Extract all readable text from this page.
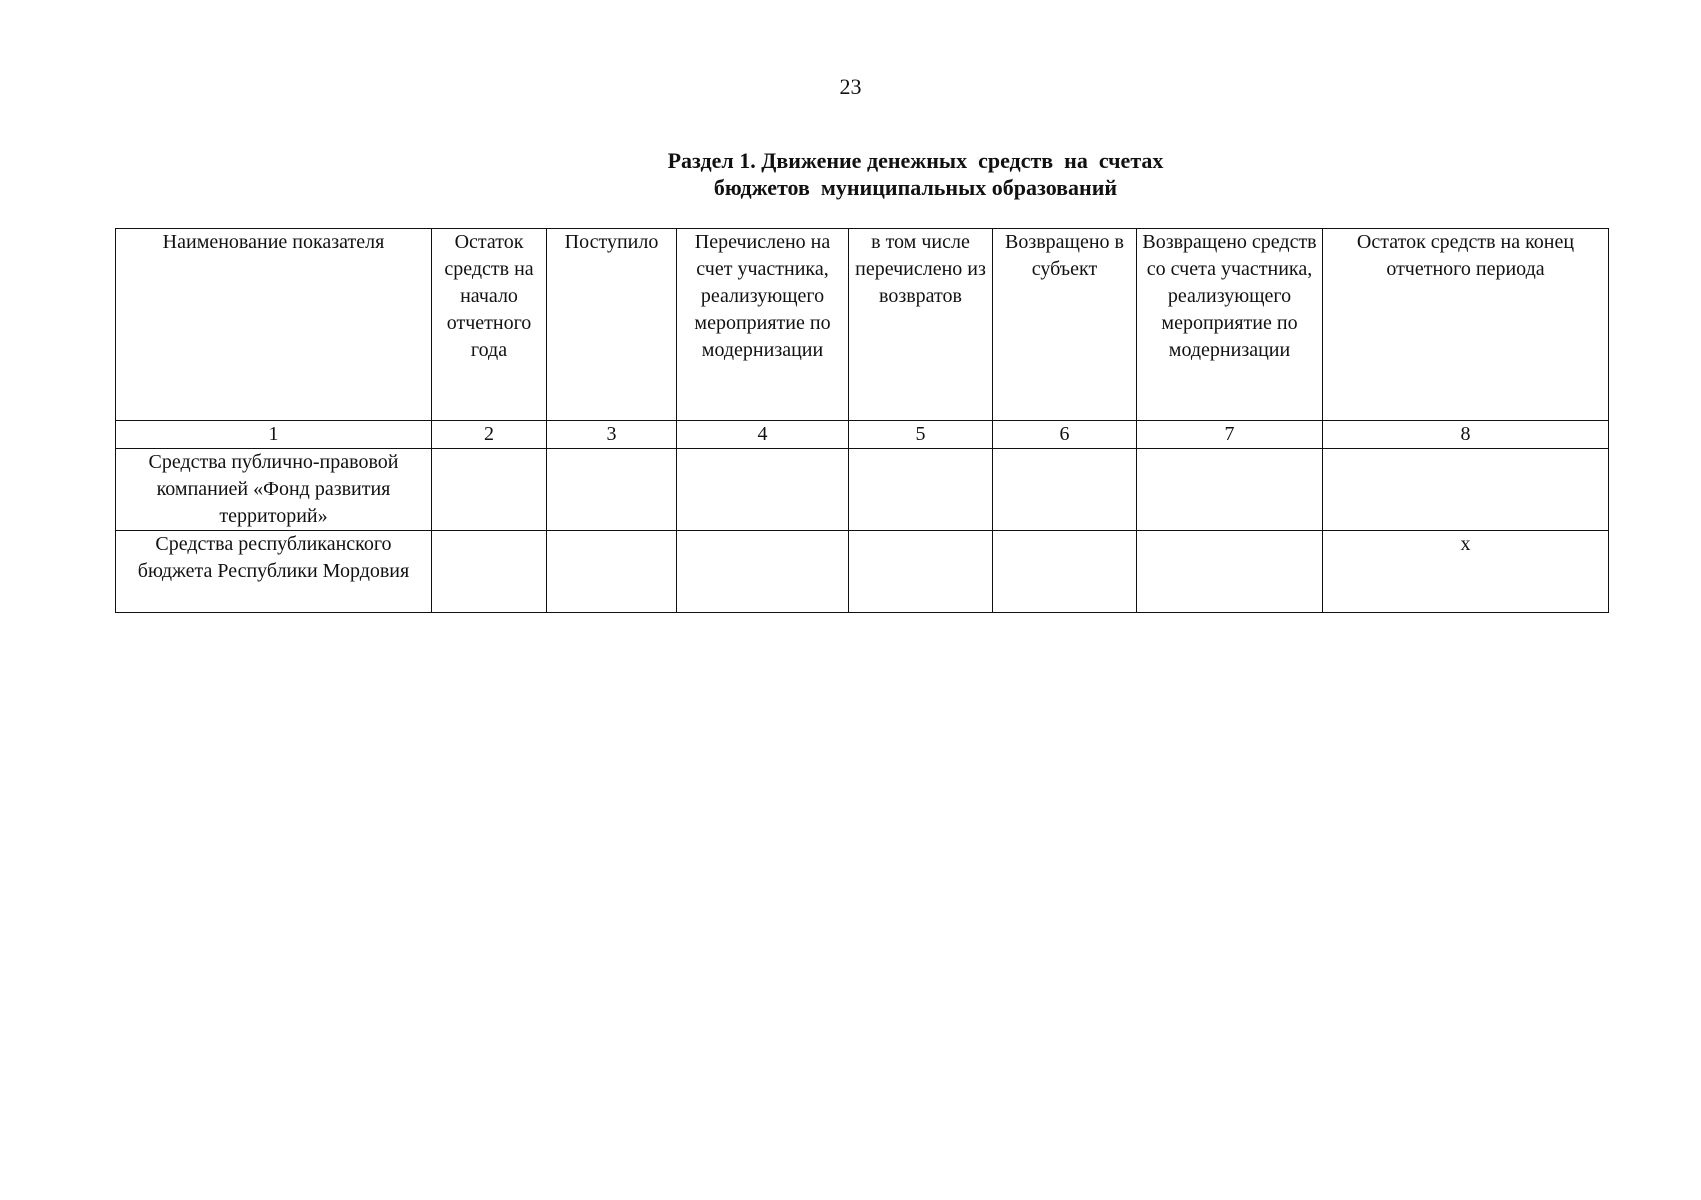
23
Раздел 1. Движение денежных  средств  на  счетах
бюджетов  муниципальных образований
Наименование показателя	Остаток средств на начало отчетного года	Поступило	Перечислено на счет участника, реализующего мероприятие по модернизации	в том числе перечислено из возвратов	Возвращено в субъект	Возвращено средств со счета участника, реализующего мероприятие по модернизации	Остаток средств на конец отчетного периода
1	2	3	4	5	6	7	8
Средства публично-правовой компанией «Фонд развития территорий»							
Средства республиканского бюджета Республики Мордовия							х
